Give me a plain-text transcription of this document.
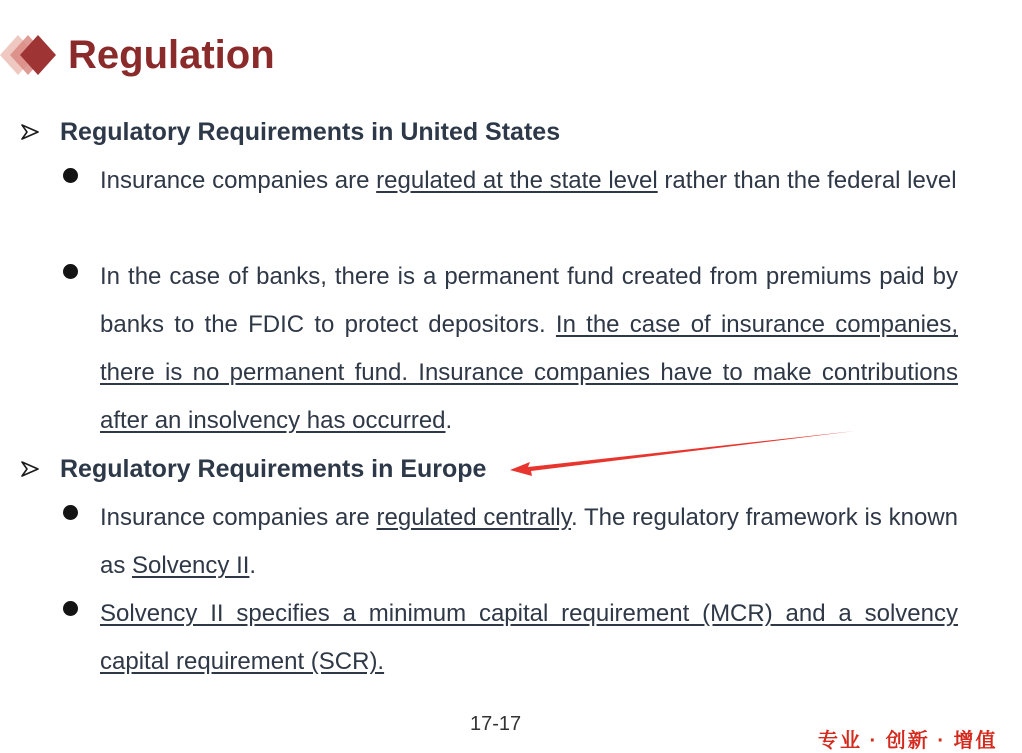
Regulation
Regulatory Requirements in United States
Insurance companies are regulated at the state level rather than the federal level
In the case of banks, there is a permanent fund created from premiums paid by banks to the FDIC to protect depositors. In the case of insurance companies, there is no permanent fund. Insurance companies have to make contributions after an insolvency has occurred.
Regulatory Requirements in Europe
Insurance companies are regulated centrally. The regulatory framework is known as Solvency II.
Solvency II specifies a minimum capital requirement (MCR) and a solvency capital requirement (SCR).
17-17
专业 · 创新 · 增值
